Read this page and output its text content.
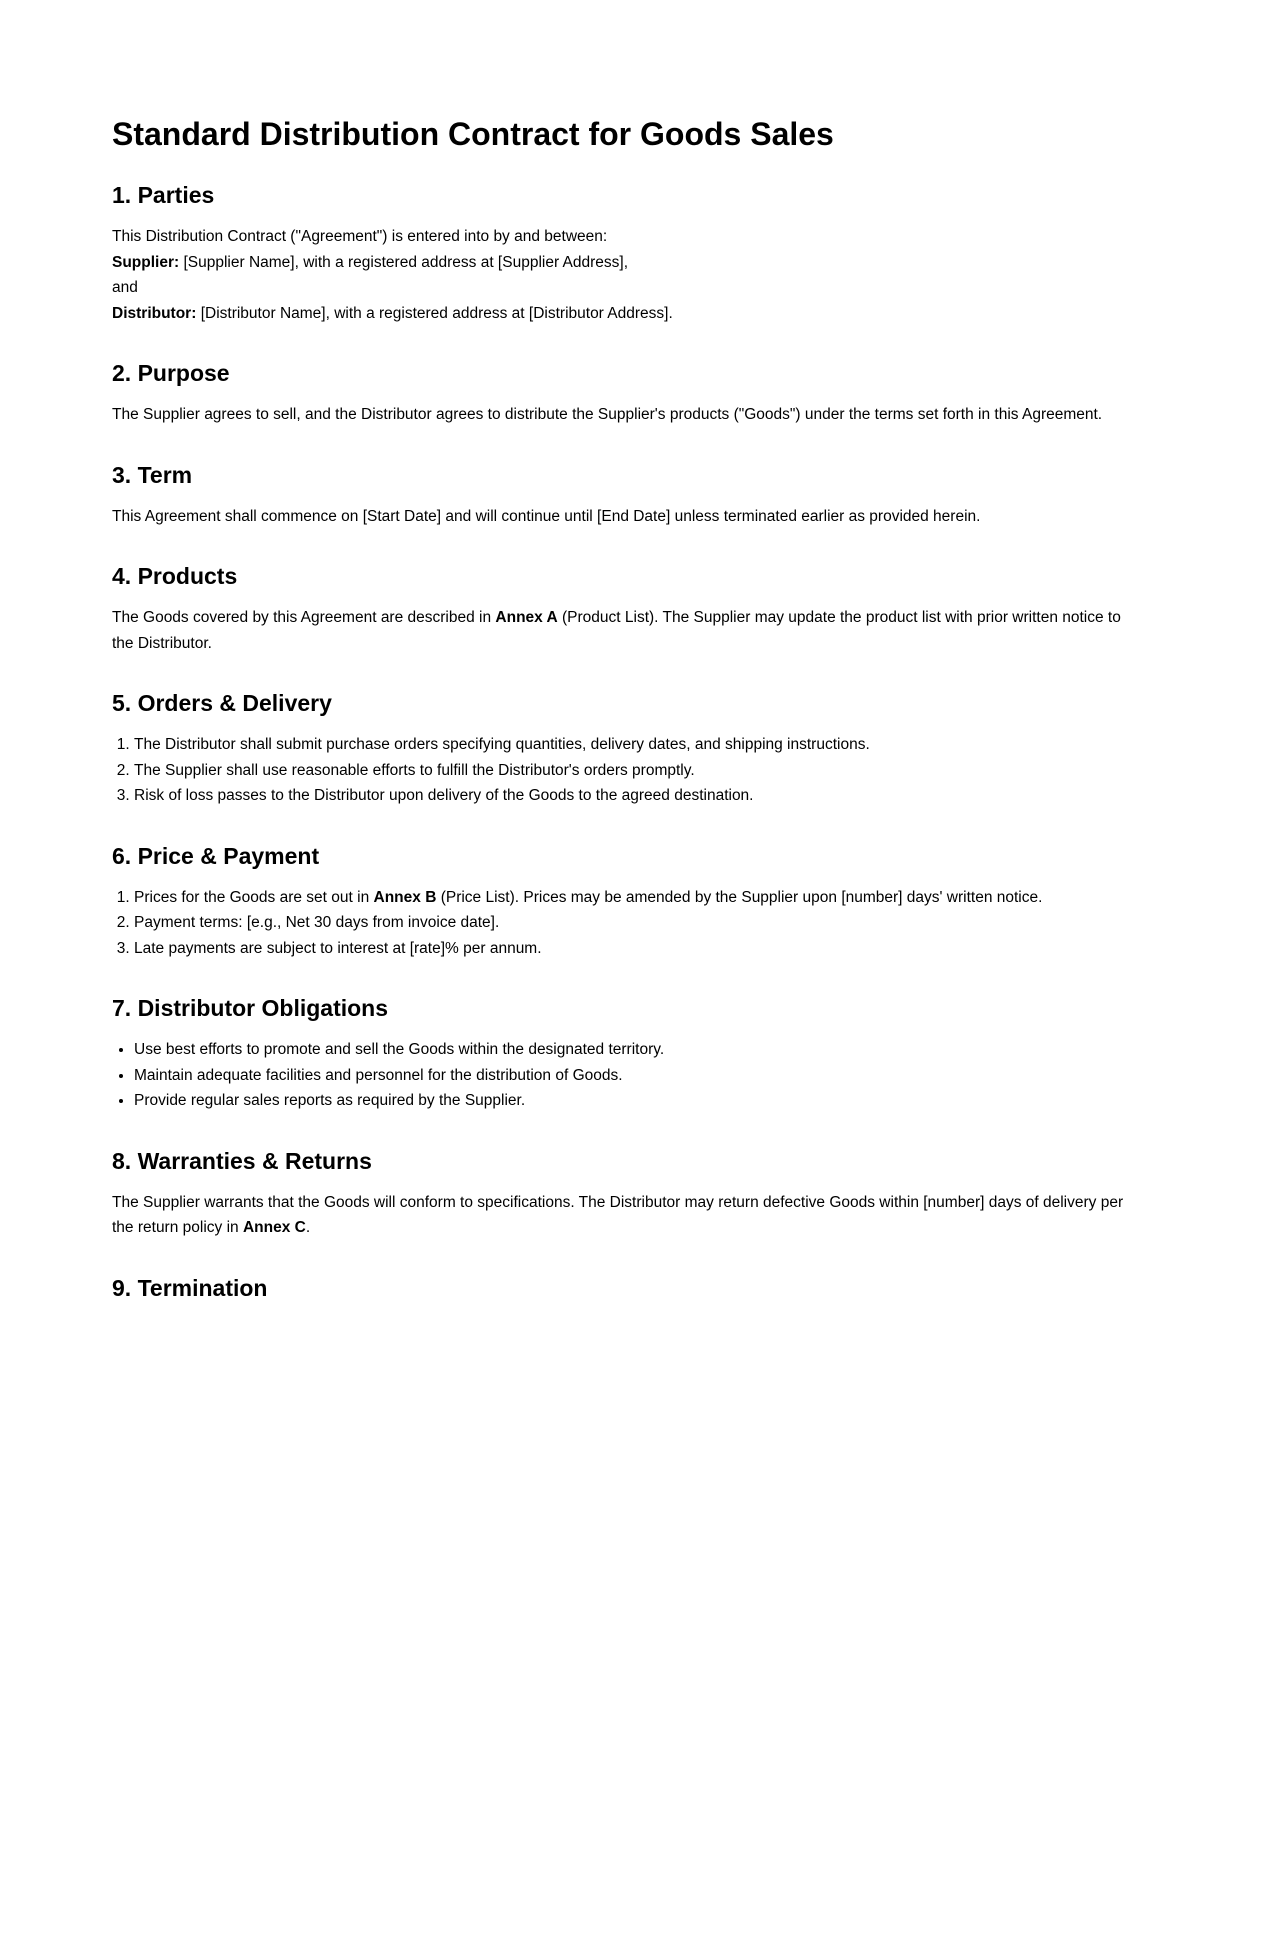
Standard Distribution Contract for Goods Sales
1. Parties

This Distribution Contract ("Agreement") is entered into by and between:

Supplier: [Supplier Name], with a registered address at [Supplier Address],

and

Distributor: [Distributor Name], with a registered address at [Distributor Address].

2. Purpose

The Supplier agrees to sell, and the Distributor agrees to distribute the Supplier's products ("Goods") under the terms set forth in this Agreement.

3. Term

This Agreement shall commence on [Start Date] and will continue until [End Date] unless terminated earlier as provided herein.

4. Products

The Goods covered by this Agreement are described in Annex A (Product List). The Supplier may update the product list with prior written notice to the Distributor.

5. Orders & Delivery
1. The Distributor shall submit purchase orders specifying quantities, delivery dates, and shipping instructions.
2. The Supplier shall use reasonable efforts to fulfill the Distributor's orders promptly.
3. Risk of loss passes to the Distributor upon delivery of the Goods to the agreed destination.
6. Price & Payment
1. Prices for the Goods are set out in Annex B (Price List). Prices may be amended by the Supplier upon [number] days' written notice.
2. Payment terms: [e.g., Net 30 days from invoice date].
3. Late payments are subject to interest at [rate]% per annum.
7. Distributor Obligations
• Use best efforts to promote and sell the Goods within the designated territory.
• Maintain adequate facilities and personnel for the distribution of Goods.
• Provide regular sales reports as required by the Supplier.
8. Warranties & Returns

The Supplier warrants that the Goods will conform to specifications. The Distributor may return defective Goods within [number] days of delivery per the return policy in Annex C.

9. Termination
